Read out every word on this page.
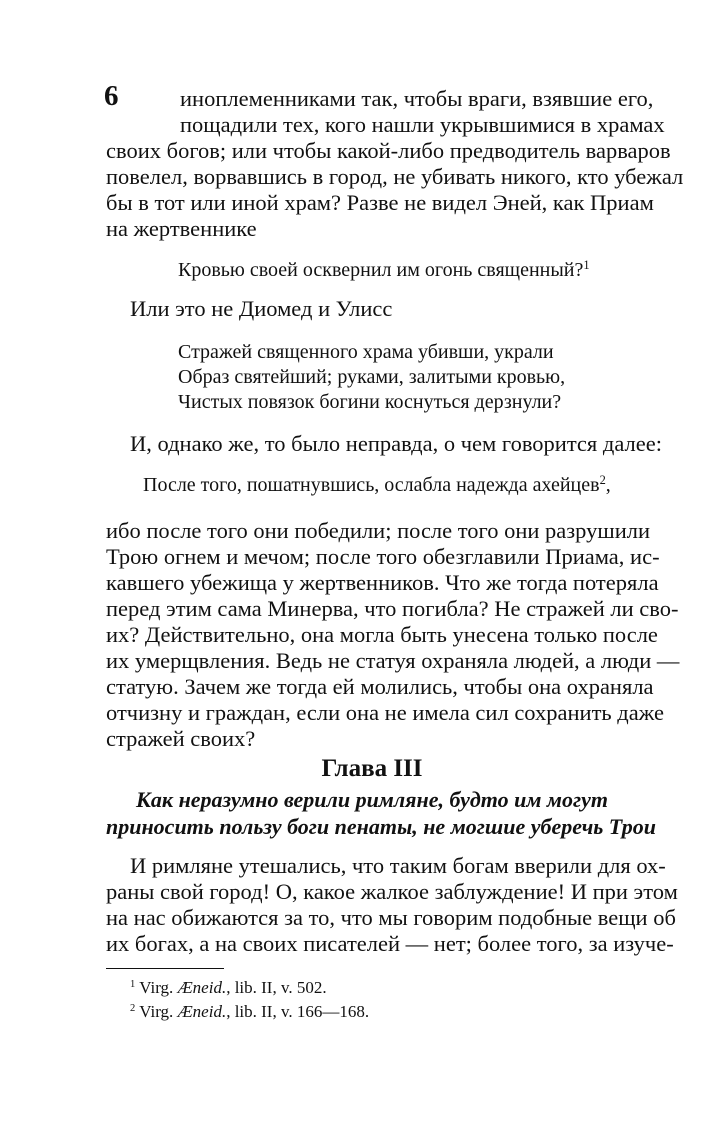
6	иноплеменниками так, чтобы враги, взявшие его,
пощадили тех, кого нашли укрывшимися в храмах
своих богов; или чтобы какой-либо предводитель варваров
повелел, ворвавшись в город, не убивать никого, кто убежал
бы в тот или иной храм? Разве не видел Эней, как Приам
на жертвеннике
Кровью своей осквернил им огонь священный?$^1$
Или это не Диомед и Улисс
Стражей священного храма убивши, украли
Образ святейший; руками, залитыми кровью,
Чистых повязок богини коснуться дерзнули?
И, однако же, то было неправда, о чем говорится далее:
После того, пошатнувшись, ослабла надежда ахейцев$^2$,
ибо после того они победили; после того они разрушили
Трою огнем и мечом; после того обезглавили Приама, ис-
кавшего убежища у жертвенников. Что же тогда потеряла
перед этим сама Минерва, что погибла? Не стражей ли сво-
их? Действительно, она могла быть унесена только после
их умерщвления. Ведь не статуя охраняла людей, а люди —
статую. Зачем же тогда ей молились, чтобы она охраняла
отчизну и граждан, если она не имела сил сохранить даже
стражей своих?
Глава III
Как неразумно верили римляне, будто им могут
приносить пользу боги пенаты, не могшие уберечь Трои
И римляне утешались, что таким богам вверили для ох-
раны свой город! О, какое жалкое заблуждение! И при этом
на нас обижаются за то, что мы говорим подобные вещи об
их богах, а на своих писателей — нет; более того, за изуче-
$^1$ Virg. Æneid., lib. II, v. 502.
$^2$ Virg. Æneid., lib. II, v. 166—168.
